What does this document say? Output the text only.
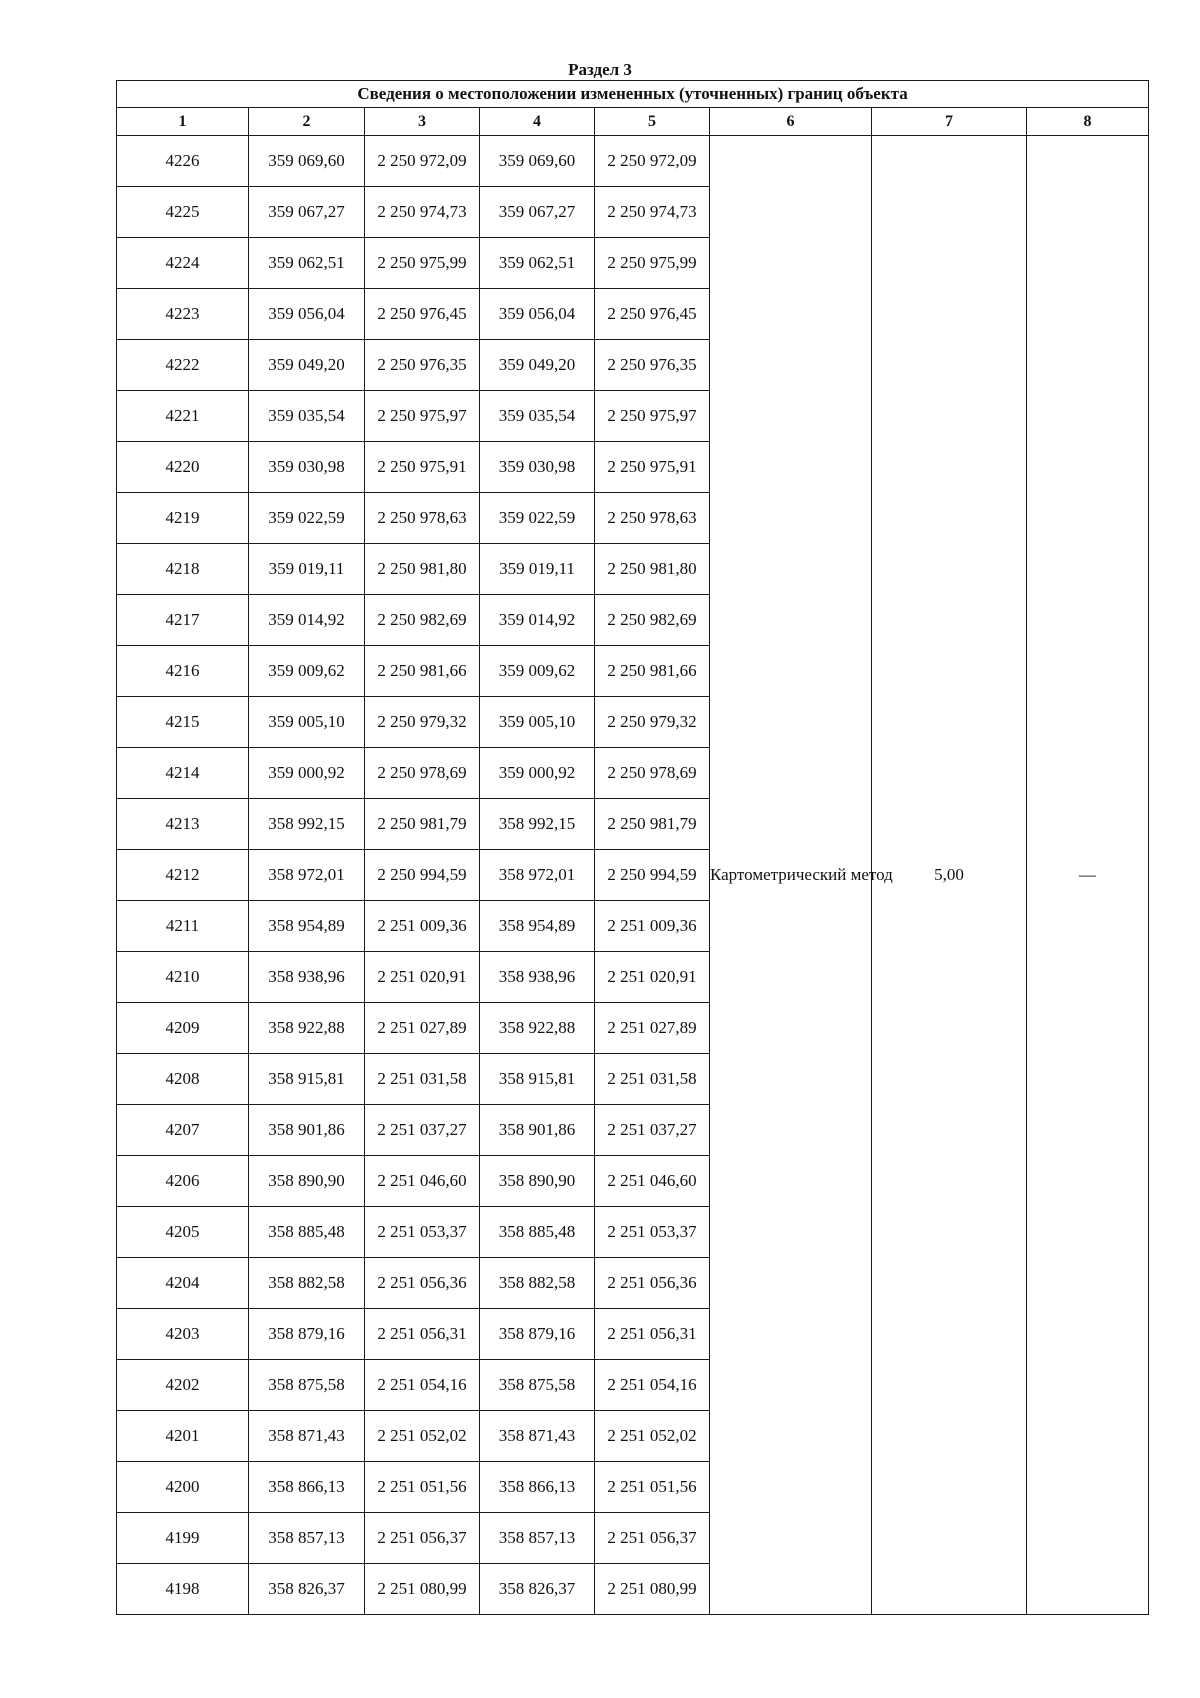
Раздел 3
Сведения о местоположении измененных (уточненных) границ объекта							
1	2	3	4	5	6	7	8
4226	359 069,60	2 250 972,09	359 069,60	2 250 972,09	Картометрический метод	5,00	—
4225	359 067,27	2 250 974,73	359 067,27	2 250 974,73			
4224	359 062,51	2 250 975,99	359 062,51	2 250 975,99			
4223	359 056,04	2 250 976,45	359 056,04	2 250 976,45			
4222	359 049,20	2 250 976,35	359 049,20	2 250 976,35			
4221	359 035,54	2 250 975,97	359 035,54	2 250 975,97			
4220	359 030,98	2 250 975,91	359 030,98	2 250 975,91			
4219	359 022,59	2 250 978,63	359 022,59	2 250 978,63			
4218	359 019,11	2 250 981,80	359 019,11	2 250 981,80			
4217	359 014,92	2 250 982,69	359 014,92	2 250 982,69			
4216	359 009,62	2 250 981,66	359 009,62	2 250 981,66			
4215	359 005,10	2 250 979,32	359 005,10	2 250 979,32			
4214	359 000,92	2 250 978,69	359 000,92	2 250 978,69			
4213	358 992,15	2 250 981,79	358 992,15	2 250 981,79			
4212	358 972,01	2 250 994,59	358 972,01	2 250 994,59			
4211	358 954,89	2 251 009,36	358 954,89	2 251 009,36			
4210	358 938,96	2 251 020,91	358 938,96	2 251 020,91			
4209	358 922,88	2 251 027,89	358 922,88	2 251 027,89			
4208	358 915,81	2 251 031,58	358 915,81	2 251 031,58			
4207	358 901,86	2 251 037,27	358 901,86	2 251 037,27			
4206	358 890,90	2 251 046,60	358 890,90	2 251 046,60			
4205	358 885,48	2 251 053,37	358 885,48	2 251 053,37			
4204	358 882,58	2 251 056,36	358 882,58	2 251 056,36			
4203	358 879,16	2 251 056,31	358 879,16	2 251 056,31			
4202	358 875,58	2 251 054,16	358 875,58	2 251 054,16			
4201	358 871,43	2 251 052,02	358 871,43	2 251 052,02			
4200	358 866,13	2 251 051,56	358 866,13	2 251 051,56			
4199	358 857,13	2 251 056,37	358 857,13	2 251 056,37			
4198	358 826,37	2 251 080,99	358 826,37	2 251 080,99			
